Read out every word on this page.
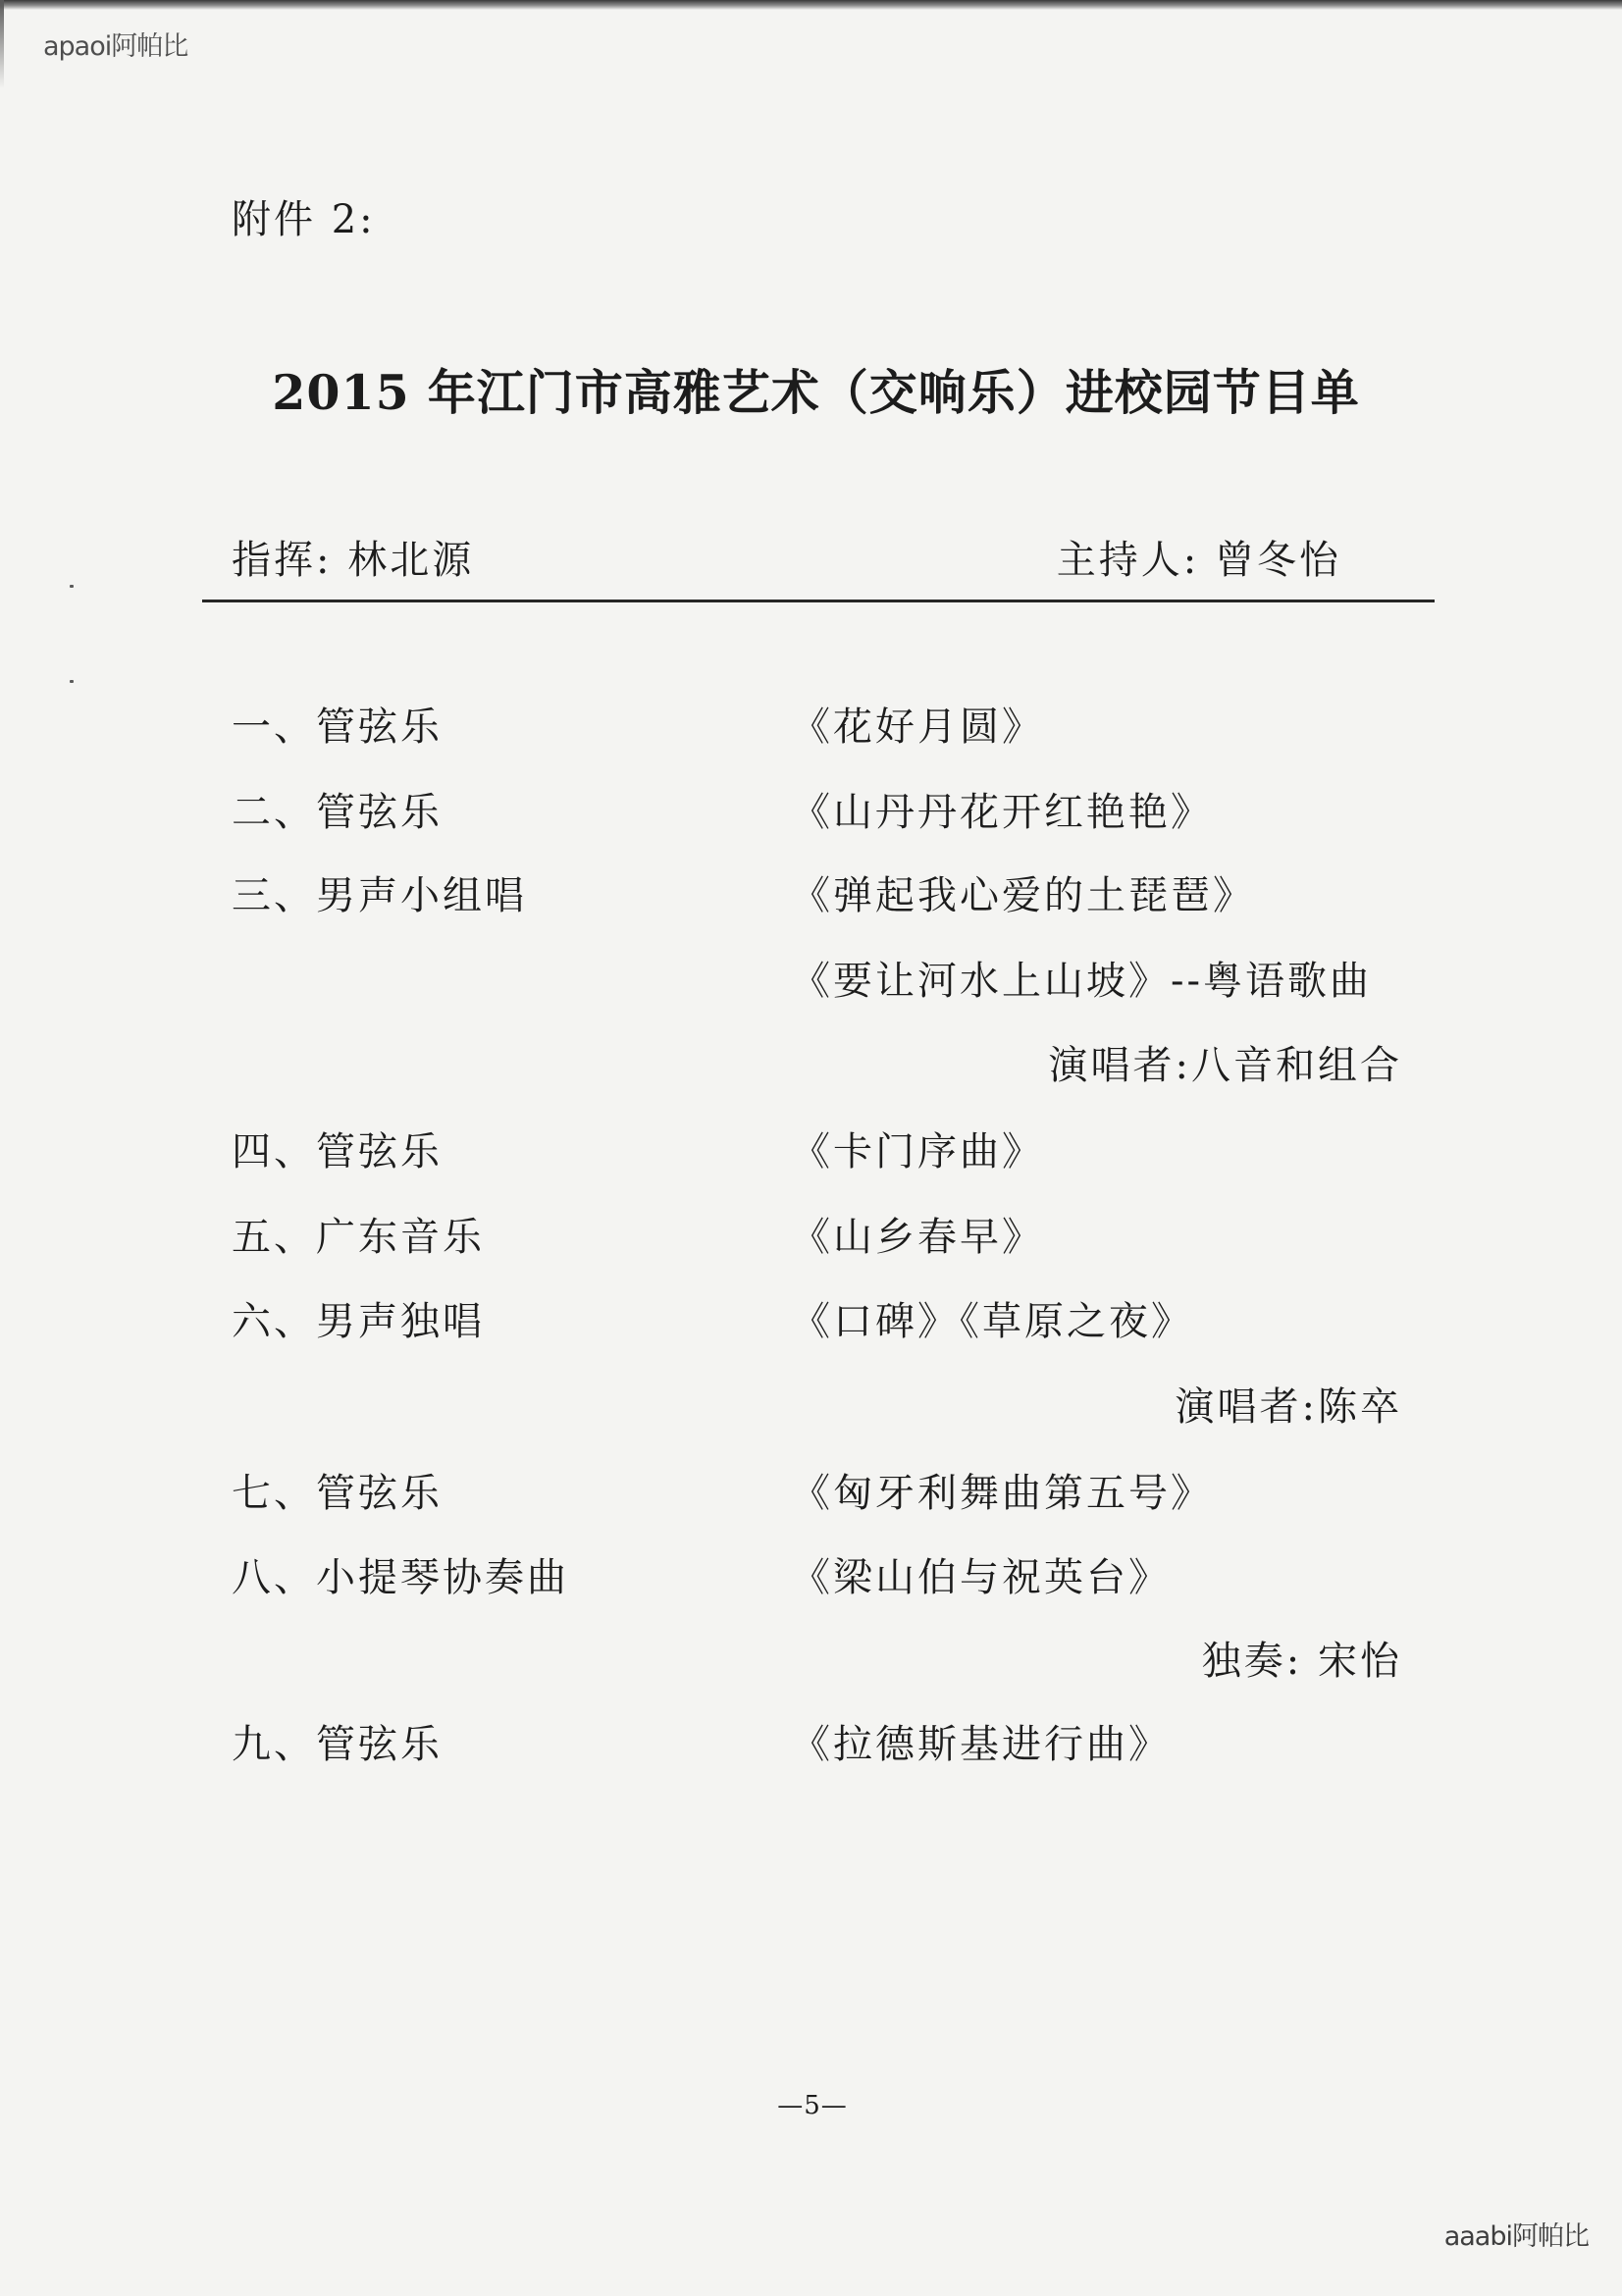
apaoi阿帕比
附件 2:
2015 年江门市高雅艺术（交响乐）进校园节目单
指挥: 林北源	主持人: 曾冬怡
一、管弦乐	《花好月圆》
二、管弦乐	《山丹丹花开红艳艳》
三、男声小组唱	《弹起我心爱的土琵琶》
《要让河水上山坡》--粤语歌曲
演唱者:八音和组合
四、管弦乐	《卡门序曲》
五、广东音乐	《山乡春早》
六、男声独唱	《口碑》《草原之夜》
演唱者:陈卒
七、管弦乐	《匈牙利舞曲第五号》
八、小提琴协奏曲	《梁山伯与祝英台》
独奏: 宋怡
九、管弦乐	《拉德斯基进行曲》
—5—
aaabi阿帕比
